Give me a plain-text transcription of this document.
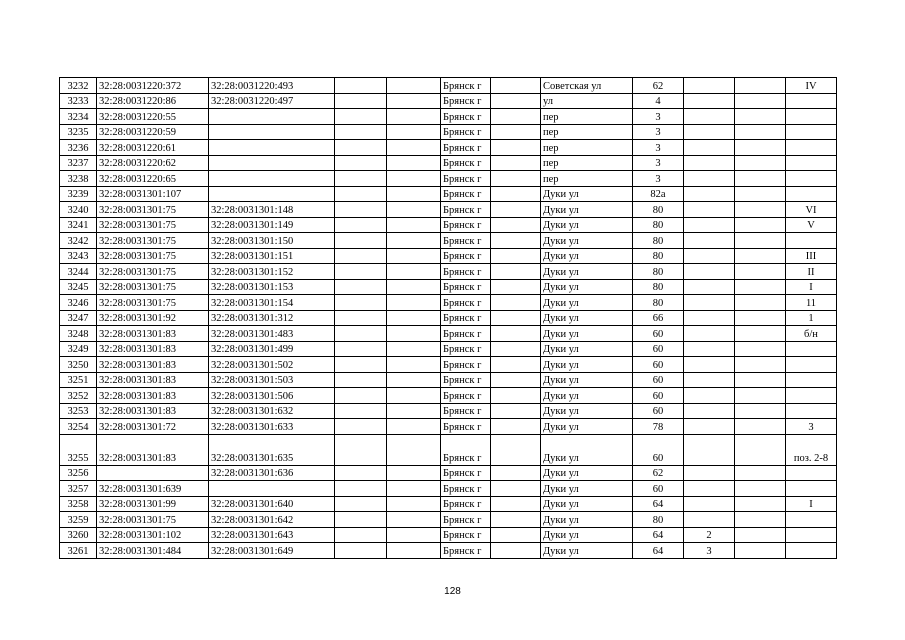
3232	32:28:0031220:372	32:28:0031220:493			Брянск г		Советская ул	62			IV
3233	32:28:0031220:86	32:28:0031220:497			Брянск г		ул	4			
3234	32:28:0031220:55				Брянск г		пер	3			
3235	32:28:0031220:59				Брянск г		пер	3			
3236	32:28:0031220:61				Брянск г		пер	3			
3237	32:28:0031220:62				Брянск г		пер	3			
3238	32:28:0031220:65				Брянск г		пер	3			
3239	32:28:0031301:107				Брянск г		Дуки ул	82а			
3240	32:28:0031301:75	32:28:0031301:148			Брянск г		Дуки ул	80			VI
3241	32:28:0031301:75	32:28:0031301:149			Брянск г		Дуки ул	80			V
3242	32:28:0031301:75	32:28:0031301:150			Брянск г		Дуки ул	80			
3243	32:28:0031301:75	32:28:0031301:151			Брянск г		Дуки ул	80			III
3244	32:28:0031301:75	32:28:0031301:152			Брянск г		Дуки ул	80			II
3245	32:28:0031301:75	32:28:0031301:153			Брянск г		Дуки ул	80			I
3246	32:28:0031301:75	32:28:0031301:154			Брянск г		Дуки ул	80			11
3247	32:28:0031301:92	32:28:0031301:312			Брянск г		Дуки ул	66			1
3248	32:28:0031301:83	32:28:0031301:483			Брянск г		Дуки ул	60			б/н
3249	32:28:0031301:83	32:28:0031301:499			Брянск г		Дуки ул	60			
3250	32:28:0031301:83	32:28:0031301:502			Брянск г		Дуки ул	60			
3251	32:28:0031301:83	32:28:0031301:503			Брянск г		Дуки ул	60			
3252	32:28:0031301:83	32:28:0031301:506			Брянск г		Дуки ул	60			
3253	32:28:0031301:83	32:28:0031301:632			Брянск г		Дуки ул	60			
3254	32:28:0031301:72	32:28:0031301:633			Брянск г		Дуки ул	78			3
3255	32:28:0031301:83	32:28:0031301:635			Брянск г		Дуки ул	60			поз. 2-8
3256		32:28:0031301:636			Брянск г		Дуки ул	62			
3257	32:28:0031301:639				Брянск г		Дуки ул	60			
3258	32:28:0031301:99	32:28:0031301:640			Брянск г		Дуки ул	64			I
3259	32:28:0031301:75	32:28:0031301:642			Брянск г		Дуки ул	80			
3260	32:28:0031301:102	32:28:0031301:643			Брянск г		Дуки ул	64	2		
3261	32:28:0031301:484	32:28:0031301:649			Брянск г		Дуки ул	64	3		
128
